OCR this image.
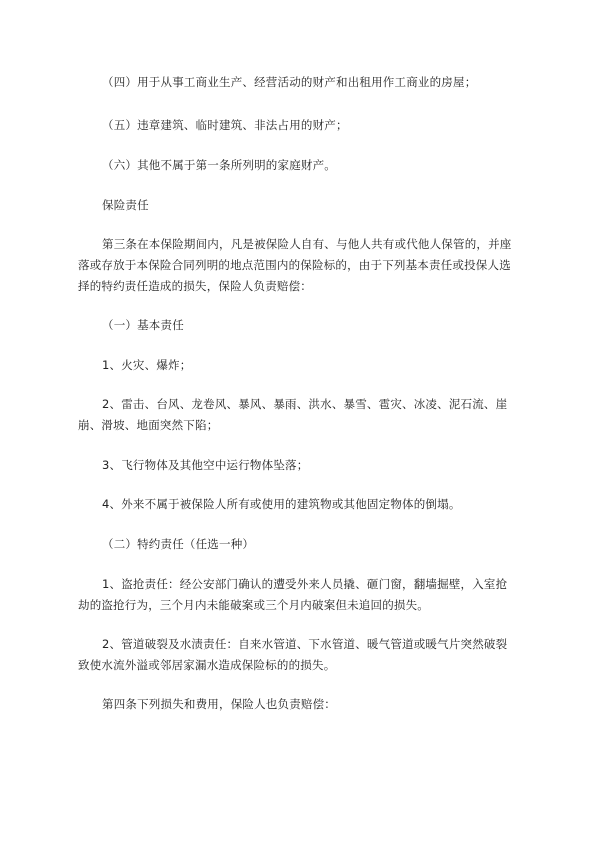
（四）用于从事工商业生产、经营活动的财产和出租用作工商业的房屋；

（五）违章建筑、临时建筑、非法占用的财产；

（六）其他不属于第一条所列明的家庭财产。

保险责任

第三条在本保险期间内，凡是被保险人自有、与他人共有或代他人保管的，并座落或存放于本保险合同列明的地点范围内的保险标的，由于下列基本责任或投保人选择的特约责任造成的损失，保险人负责赔偿：

（一）基本责任

1、火灾、爆炸；

2、雷击、台风、龙卷风、暴风、暴雨、洪水、暴雪、雹灾、冰凌、泥石流、崖崩、滑坡、地面突然下陷；

3、飞行物体及其他空中运行物体坠落；

4、外来不属于被保险人所有或使用的建筑物或其他固定物体的倒塌。

（二）特约责任（任选一种）

1、盗抢责任：经公安部门确认的遭受外来人员撬、砸门窗，翻墙掘壁，入室抢劫的盗抢行为，三个月内未能破案或三个月内破案但未追回的损失。

2、管道破裂及水渍责任：自来水管道、下水管道、暖气管道或暖气片突然破裂致使水流外溢或邻居家漏水造成保险标的的损失。

第四条下列损失和费用，保险人也负责赔偿：
